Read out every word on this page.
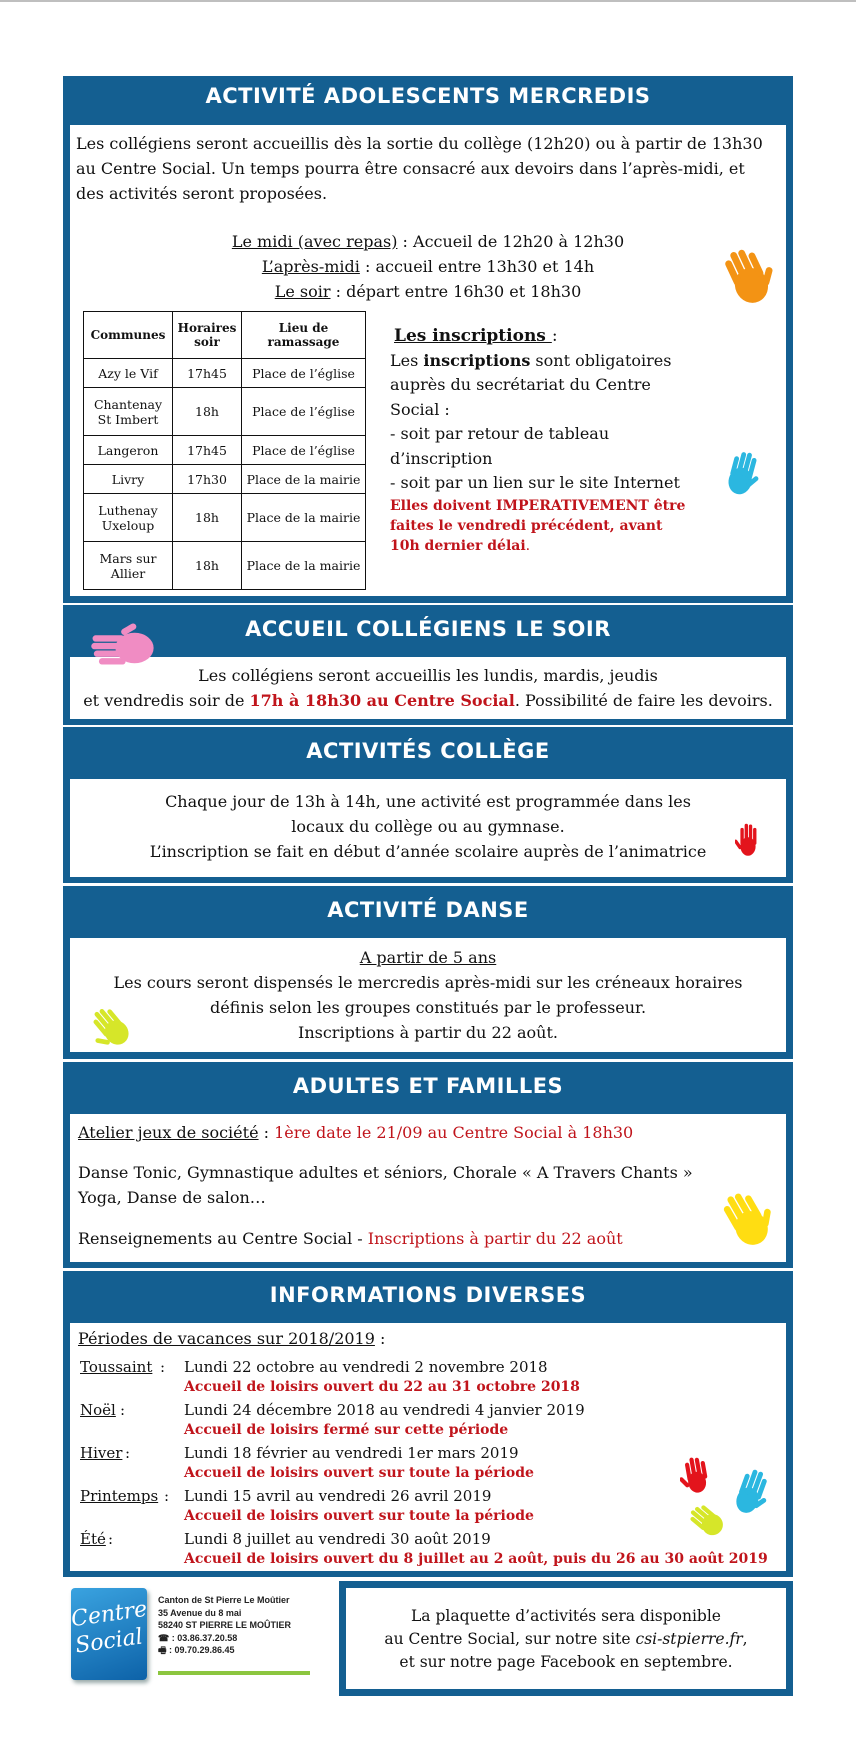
ACTIVITÉ ADOLESCENTS MERCREDIS

Les collégiens seront accueillis dès la sortie du collège (12h20) ou à partir de 13h30 au Centre Social. Un temps pourra être consacré aux devoirs dans l’après-midi, et des activités seront proposées.

Le midi (avec repas) : Accueil de 12h20 à 12h30
L’après-midi : accueil entre 13h30 et 14h
Le soir : départ entre 16h30 et 18h30
Communes	Horaires soir	Lieu de ramassage
Azy le Vif	17h45	Place de l’église
Chantenay St Imbert	18h	Place de l’église
Langeron	17h45	Place de l’église
Livry	17h30	Place de la mairie
Luthenay Uxeloup	18h	Place de la mairie
Mars sur Allier	18h	Place de la mairie
Les inscriptions :
Les inscriptions sont obligatoires auprès du secrétariat du Centre Social :
- soit par retour de tableau d’inscription
- soit par un lien sur le site Internet
Elles doivent IMPERATIVEMENT être faites le vendredi précédent, avant 10h dernier délai.
ACCUEIL COLLÉGIENS LE SOIR
Les collégiens seront accueillis les lundis, mardis, jeudis
et vendredis soir de 17h à 18h30 au Centre Social. Possibilité de faire les devoirs.
ACTIVITÉS COLLÈGE
Chaque jour de 13h à 14h, une activité est programmée dans les
locaux du collège ou au gymnase.
L’inscription se fait en début d’année scolaire auprès de l’animatrice
ACTIVITÉ DANSE
A partir de 5 ans
Les cours seront dispensés le mercredis après-midi sur les créneaux horaires
définis selon les groupes constitués par le professeur.
Inscriptions à partir du 22 août.
ADULTES ET FAMILLES
Atelier jeux de société : 1ère date le 21/09 au Centre Social à 18h30
Danse Tonic, Gymnastique adultes et séniors, Chorale « A Travers Chants » Yoga, Danse de salon…
Renseignements au Centre Social - Inscriptions à partir du 22 août
INFORMATIONS DIVERSES
Périodes de vacances sur 2018/2019 :
Toussaint : Lundi 22 octobre au vendredi 2 novembre 2018
Accueil de loisirs ouvert du 22 au 31 octobre 2018
Noël :	Lundi 24 décembre 2018 au vendredi 4 janvier 2019
Accueil de loisirs fermé sur cette période
Hiver :	Lundi 18 février au vendredi 1er mars 2019
Accueil de loisirs ouvert sur toute la période
Printemps : Lundi 15 avril au vendredi 26 avril 2019
Accueil de loisirs ouvert sur toute la période
Été :	Lundi 8 juillet au vendredi 30 août 2019
Accueil de loisirs ouvert du 8 juillet au 2 août, puis du 26 au 30 août 2019
Centre
Social
Canton de St Pierre Le Moûtier
35 Avenue du 8 mai
58240 ST PIERRE LE MOÛTIER
☎ : 03.86.37.20.58
🖷 : 09.70.29.86.45
La plaquette d’activités sera disponible
au Centre Social, sur notre site csi-stpierre.fr,
et sur notre page Facebook en septembre.
